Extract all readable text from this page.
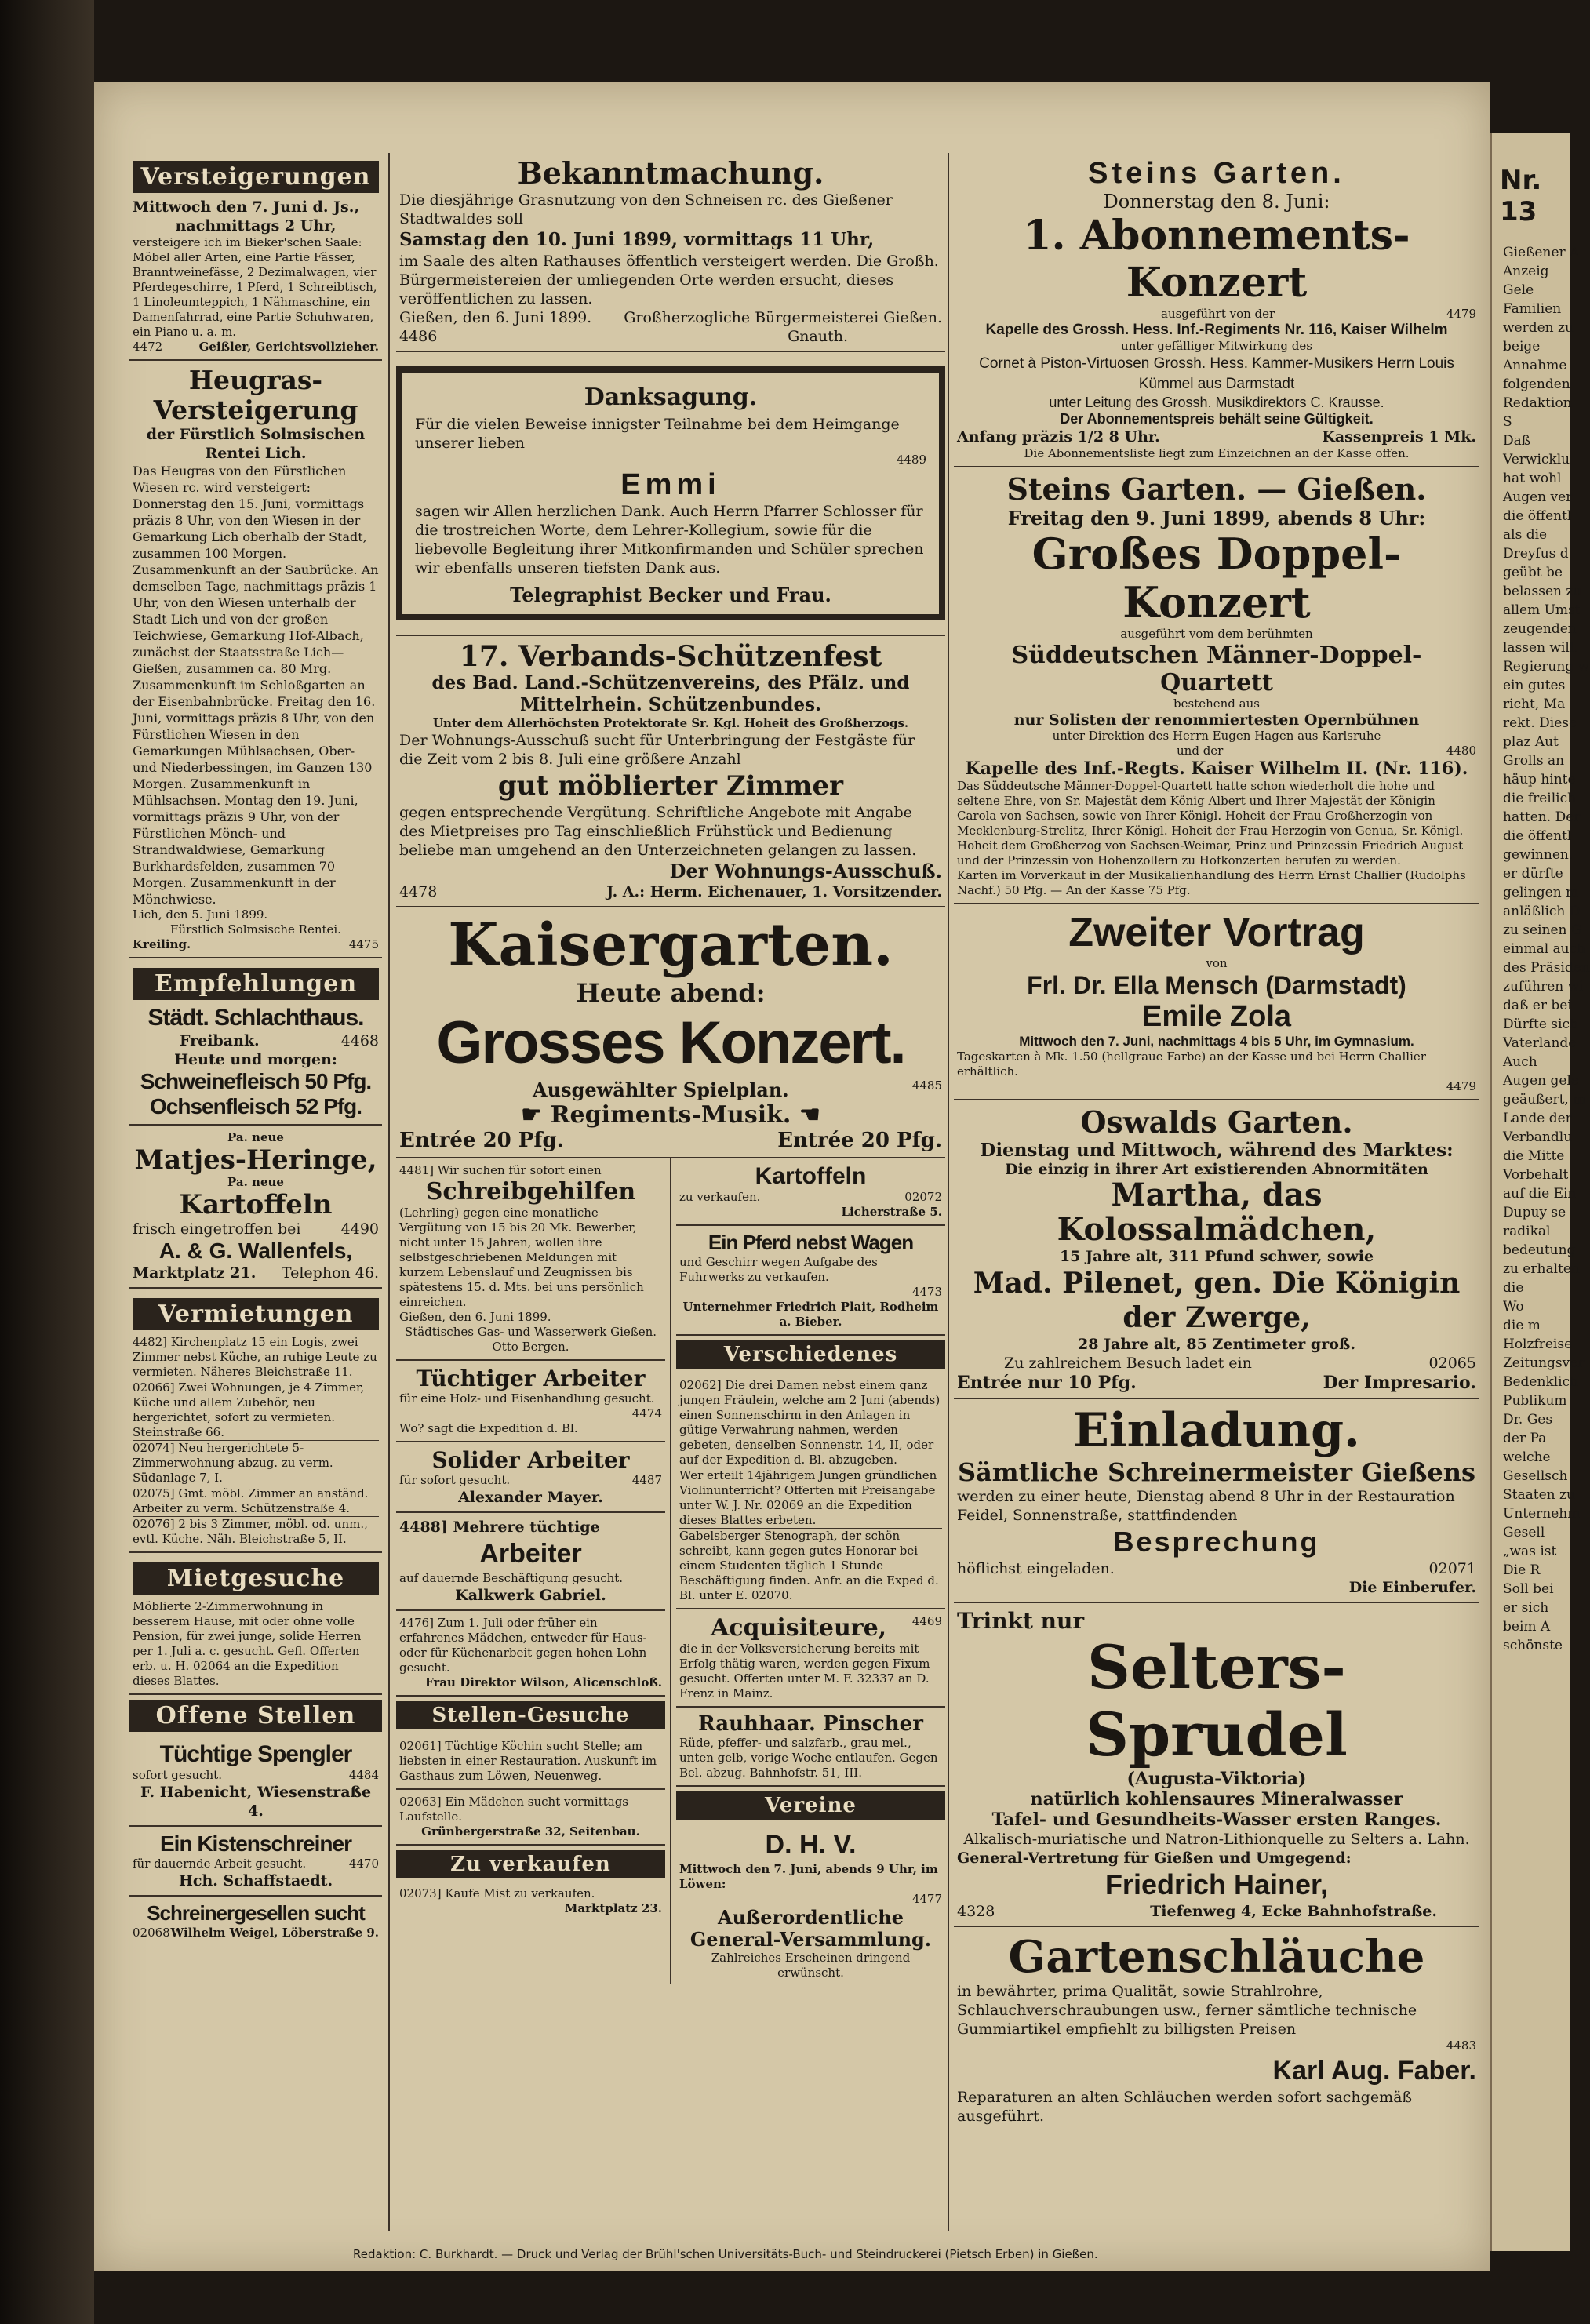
Versteigerungen

Mittwoch den 7. Juni d. Js.,

nachmittags 2 Uhr,

versteigere ich im Bieker'schen Saale: Möbel aller Arten, eine Partie Fässer, Branntweinefässe, 2 Dezimalwagen, vier Pferdegeschirre, 1 Pferd, 1 Schreibtisch, 1 Linoleumteppich, 1 Nähmaschine, ein Damenfahrrad, eine Partie Schuhwaren, ein Piano u. a. m.

4472	Geißler, Gerichtsvollzieher.

Heugras-Versteigerung

der Fürstlich Solmsischen Rentei Lich.

Das Heugras von den Fürstlichen Wiesen rc. wird versteigert: Donnerstag den 15. Juni, vormittags präzis 8 Uhr, von den Wiesen in der Gemarkung Lich oberhalb der Stadt, zusammen 100 Morgen. Zusammenkunft an der Saubrücke. An demselben Tage, nachmittags präzis 1 Uhr, von den Wiesen unterhalb der Stadt Lich und von der großen Teichwiese, Gemarkung Hof-Albach, zunächst der Staatsstraße Lich—Gießen, zusammen ca. 80 Mrg. Zusammenkunft im Schloßgarten an der Eisenbahnbrücke. Freitag den 16. Juni, vormittags präzis 8 Uhr, von den Fürstlichen Wiesen in den Gemarkungen Mühlsachsen, Ober- und Niederbessingen, im Ganzen 130 Morgen. Zusammenkunft in Mühlsachsen. Montag den 19. Juni, vormittags präzis 9 Uhr, von der Fürstlichen Mönch- und Strandwaldwiese, Gemarkung Burkhardsfelden, zusammen 70 Morgen. Zusammenkunft in der Mönchwiese.

Lich, den 5. Juni 1899.

Fürstlich Solmsische Rentei.

Kreiling.	4475
Empfehlungen

Städt. Schlachthaus.

Freibank.	4468

Heute und morgen:

Schweinefleisch 50 Pfg.

Ochsenfleisch 52 Pfg.

Pa. neue

Matjes-Heringe,

Pa. neue

Kartoffeln

frisch eingetroffen bei	4490

A. & G. Wallenfels,

Marktplatz 21. Telephon 46.
Vermietungen

4482] Kirchenplatz 15 ein Logis, zwei Zimmer nebst Küche, an ruhige Leute zu vermieten. Näheres Bleichstraße 11.

02066] Zwei Wohnungen, je 4 Zimmer, Küche und allem Zubehör, neu hergerichtet, sofort zu vermieten. Steinstraße 66.

02074] Neu hergerichtete 5-Zimmerwohnung abzug. zu verm. Südanlage 7, I.

02075] Gmt. möbl. Zimmer an anständ. Arbeiter zu verm. Schützenstraße 4.

02076] 2 bis 3 Zimmer, möbl. od. unm., evtl. Küche. Näh. Bleichstraße 5, II.

Mietgesuche

Möblierte 2-Zimmerwohnung in besserem Hause, mit oder ohne volle Pension, für zwei junge, solide Herren per 1. Juli a. c. gesucht. Gefl. Offerten erb. u. H. 02064 an die Expedition dieses Blattes.

Offene Stellen

Tüchtige Spengler

sofort gesucht.	4484

F. Habenicht, Wiesenstraße 4.

Ein Kistenschreiner

für dauernde Arbeit gesucht.	4470

Hch. Schaffstaedt.

Schreinergesellen sucht

02068 Wilhelm Weigel, Löberstraße 9.

Bekanntmachung.

Die diesjährige Grasnutzung von den Schneisen rc. des Gießener Stadtwaldes soll

Samstag den 10. Juni 1899, vormittags 11 Uhr,

im Saale des alten Rathauses öffentlich versteigert werden. Die Großh. Bürgermeistereien der umliegenden Orte werden ersucht, dieses veröffentlichen zu lassen.

Gießen, den 6. Juni 1899. Großherzogliche Bürgermeisterei Gießen.
4486	Gnauth.

Danksagung.

Für die vielen Beweise innigster Teilnahme bei dem Heimgange unserer lieben

4489

Emmi

sagen wir Allen herzlichen Dank. Auch Herrn Pfarrer Schlosser für die trostreichen Worte, dem Lehrer-Kollegium, sowie für die liebevolle Begleitung ihrer Mitkonfirmanden und Schüler sprechen wir ebenfalls unseren tiefsten Dank aus.

Telegraphist Becker und Frau.

17. Verbands-Schützenfest

des Bad. Land.-Schützenvereins, des Pfälz. und Mittelrhein. Schützenbundes.

Unter dem Allerhöchsten Protektorate Sr. Kgl. Hoheit des Großherzogs.

Der Wohnungs-Ausschuß sucht für Unterbringung der Festgäste für die Zeit vom 2 bis 8. Juli eine größere Anzahl

gut möblierter Zimmer

gegen entsprechende Vergütung. Schriftliche Angebote mit Angabe des Mietpreises pro Tag einschließlich Frühstück und Bedienung beliebe man umgehend an den Unterzeichneten gelangen zu lassen.

Der Wohnungs-Ausschuß.

4478	J. A.: Herm. Eichenauer, 1. Vorsitzender.

Kaisergarten.

Heute abend:

Grosses Konzert.

Ausgewählter Spielplan.	4485

☛ Regiments-Musik. ☚

Entrée 20 Pfg.	Entrée 20 Pfg.

4481] Wir suchen für sofort einen

Schreibgehilfen

(Lehrling) gegen eine monatliche Vergütung von 15 bis 20 Mk. Bewerber, nicht unter 15 Jahren, wollen ihre selbstgeschriebenen Meldungen mit kurzem Lebenslauf und Zeugnissen bis spätestens 15. d. Mts. bei uns persönlich einreichen.

Gießen, den 6. Juni 1899.

Städtisches Gas- und Wasserwerk Gießen.

Otto Bergen.

Tüchtiger Arbeiter

für eine Holz- und Eisenhandlung gesucht.

4474

Wo? sagt die Expedition d. Bl.

Solider Arbeiter

für sofort gesucht.	4487

Alexander Mayer.

4488] Mehrere tüchtige

Arbeiter

auf dauernde Beschäftigung gesucht.

Kalkwerk Gabriel.

4476] Zum 1. Juli oder früher ein erfahrenes Mädchen, entweder für Haus- oder für Küchenarbeit gegen hohen Lohn gesucht.

Frau Direktor Wilson, Alicenschloß.

Stellen-Gesuche

02061] Tüchtige Köchin sucht Stelle; am liebsten in einer Restauration. Auskunft im Gasthaus zum Löwen, Neuenweg.

02063] Ein Mädchen sucht vormittags Laufstelle.

Grünbergerstraße 32, Seitenbau.

Zu verkaufen

02073] Kaufe Mist zu verkaufen.

Marktplatz 23.

Kartoffeln

zu verkaufen.	02072

Licherstraße 5.

Ein Pferd nebst Wagen

und Geschirr wegen Aufgabe des Fuhrwerks zu verkaufen.

4473

Unternehmer Friedrich Plait, Rodheim a. Bieber.

Verschiedenes

02062] Die drei Damen nebst einem ganz jungen Fräulein, welche am 2 Juni (abends) einen Sonnenschirm in den Anlagen in gütige Verwahrung nahmen, werden gebeten, denselben Sonnenstr. 14, II, oder auf der Expedition d. Bl. abzugeben.

Wer erteilt 14jährigem Jungen gründlichen Violinunterricht? Offerten mit Preisangabe unter W. J. Nr. 02069 an die Expedition dieses Blattes erbeten.

Gabelsberger Stenograph, der schön schreibt, kann gegen gutes Honorar bei einem Studenten täglich 1 Stunde Beschäftigung finden. Anfr. an die Exped d. Bl. unter E. 02070.

Acquisiteure, 4469

die in der Volksversicherung bereits mit Erfolg thätig waren, werden gegen Fixum gesucht. Offerten unter M. F. 32337 an D. Frenz in Mainz.

Rauhhaar. Pinscher

Rüde, pfeffer- und salzfarb., grau mel., unten gelb, vorige Woche entlaufen. Gegen Bel. abzug. Bahnhofstr. 51, III.

Vereine

D. H. V.

Mittwoch den 7. Juni, abends 9 Uhr, im Löwen:

4477

Außerordentliche General-Versammlung.

Zahlreiches Erscheinen dringend erwünscht.

Steins Garten.

Donnerstag den 8. Juni:

1. Abonnements-Konzert

ausgeführt von der	4479

Kapelle des Grossh. Hess. Inf.-Regiments Nr. 116, Kaiser Wilhelm

unter gefälliger Mitwirkung des

Cornet à Piston-Virtuosen Grossh. Hess. Kammer-Musikers Herrn Louis Kümmel aus Darmstadt

unter Leitung des Grossh. Musikdirektors C. Krausse.

Der Abonnementspreis behält seine Gültigkeit.

Anfang präzis 1/2 8 Uhr.	Kassenpreis 1 Mk.

Die Abonnementsliste liegt zum Einzeichnen an der Kasse offen.

Steins Garten. — Gießen.

Freitag den 9. Juni 1899, abends 8 Uhr:

Großes Doppel-Konzert

ausgeführt vom dem berühmten

Süddeutschen Männer-Doppel-Quartett

bestehend aus

nur Solisten der renommiertesten Opernbühnen

unter Direktion des Herrn Eugen Hagen aus Karlsruhe

und der	4480

Kapelle des Inf.-Regts. Kaiser Wilhelm II. (Nr. 116).

Das Süddeutsche Männer-Doppel-Quartett hatte schon wiederholt die hohe und seltene Ehre, von Sr. Majestät dem König Albert und Ihrer Majestät der Königin Carola von Sachsen, sowie von Ihrer Königl. Hoheit der Frau Großherzogin von Mecklenburg-Strelitz, Ihrer Königl. Hoheit der Frau Herzogin von Genua, Sr. Königl. Hoheit dem Großherzog von Sachsen-Weimar, Prinz und Prinzessin Friedrich August und der Prinzessin von Hohenzollern zu Hofkonzerten berufen zu werden.

Karten im Vorverkauf in der Musikalienhandlung des Herrn Ernst Challier (Rudolphs Nachf.) 50 Pfg. — An der Kasse 75 Pfg.

Zweiter Vortrag

von

Frl. Dr. Ella Mensch (Darmstadt)

Emile Zola

Mittwoch den 7. Juni, nachmittags 4 bis 5 Uhr, im Gymnasium.

Tageskarten à Mk. 1.50 (hellgraue Farbe) an der Kasse und bei Herrn Challier erhältlich.

4479

Oswalds Garten.

Dienstag und Mittwoch, während des Marktes:

Die einzig in ihrer Art existierenden Abnormitäten

Martha, das Kolossalmädchen,

15 Jahre alt, 311 Pfund schwer, sowie

Mad. Pilenet, gen. Die Königin der Zwerge,

28 Jahre alt, 85 Zentimeter groß.

Zu zahlreichem Besuch ladet ein	02065
Entrée nur 10 Pfg.	Der Impresario.

Einladung.

Sämtliche Schreinermeister Gießens

werden zu einer heute, Dienstag abend 8 Uhr in der Restauration Feidel, Sonnenstraße, stattfindenden

Besprechung

höflichst eingeladen.	02071

Die Einberufer.

Trinkt nur

Selters-Sprudel

(Augusta-Viktoria)

natürlich kohlensaures Mineralwasser

Tafel- und Gesundheits-Wasser ersten Ranges.

Alkalisch-muriatische und Natron-Lithionquelle zu Selters a. Lahn.

General-Vertretung für Gießen und Umgegend:

Friedrich Hainer,

4328	Tiefenweg 4, Ecke Bahnhofstraße.

Gartenschläuche

in bewährter, prima Qualität, sowie Strahlrohre, Schlauchverschraubungen usw., ferner sämtliche technische Gummiartikel empfiehlt zu billigsten Preisen

4483

Karl Aug. Faber.

Reparaturen an alten Schläuchen werden sofort sachgemäß ausgeführt.

Redaktion: C. Burkhardt. — Druck und Verlag der Brühl'schen Universitäts-Buch- und Steindruckerei (Pietsch Erben) in Gießen.
Nr. 13
Gießener A
Anzeig
Gele
Familien
werden zu
beige
Annahme
folgenden
Redaktion
S
Daß
Verwicklu
hat wohl
Augen ver
die öffentl
als die
Dreyfus d
geübt be
belassen zu
allem Umst
zeugenden
lassen will.
Regierung w
ein gutes
richt, Ma
rekt. Diese
plaz Aut
Grolls an
häup hinte
die freilich
hatten. Der
die öffentl
gewinnen.
er dürfte
gelingen m
anläßlich D
zu seinen G
einmal auch
des Präsiden
zuführen wi
daß er bei
Dürfte sich
Vaterlande
Auch
Augen gele
geäußert, m
Lande der
Verbandlu
die Mitte
Vorbehalt
auf die Ein
Dupuy se
radikal
bedeutung
zu erhalten
die
Wo
die m
Holzfreise
Zeitungsver
Bedenklich
Publikum
Dr. Ges
der Pa
welche
Gesellsch
Staaten zu
Unternehm
Gesell
„was ist
Die R
Soll bei
er sich
beim A
schönste
